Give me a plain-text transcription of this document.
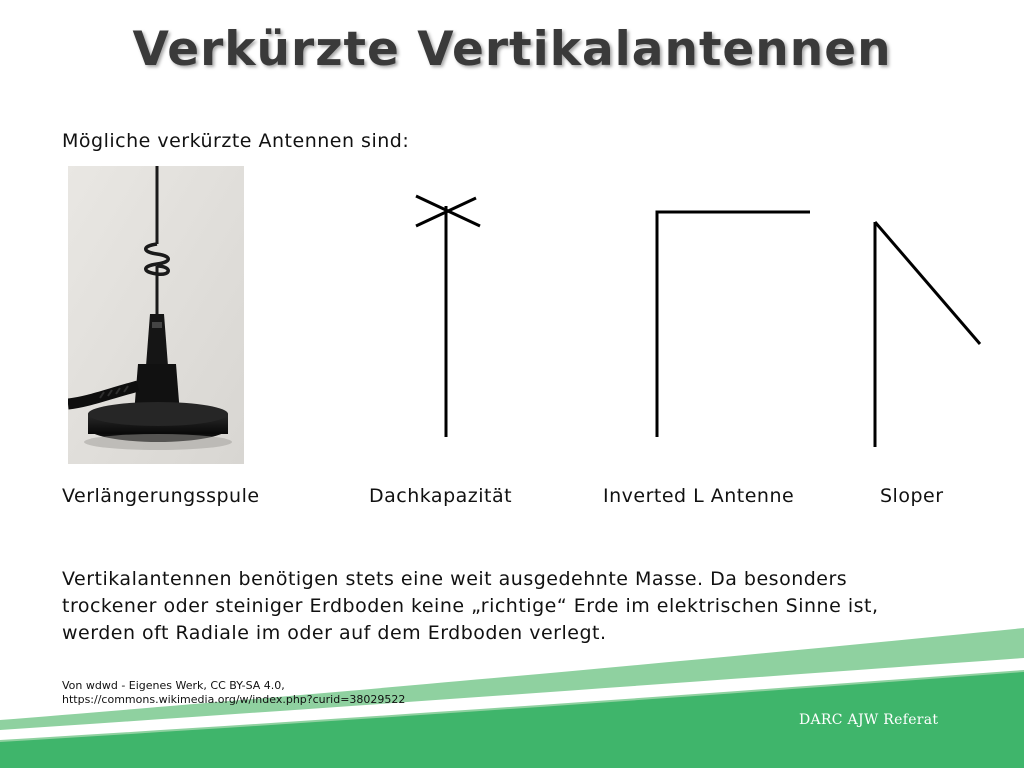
Verkürzte Vertikalantennen
Mögliche verkürzte Antennen sind:
Verlängerungsspule	Dachkapazität	Inverted L Antenne	Sloper
Vertikalantennen benötigen stets eine weit ausgedehnte Masse. Da besonders
trockener oder steiniger Erdboden keine „richtige“ Erde im elektrischen Sinne ist,
werden oft Radiale im oder auf dem Erdboden verlegt.
Von wdwd - Eigenes Werk, CC BY-SA 4.0,
https://commons.wikimedia.org/w/index.php?curid=38029522
DARC AJW Referat
